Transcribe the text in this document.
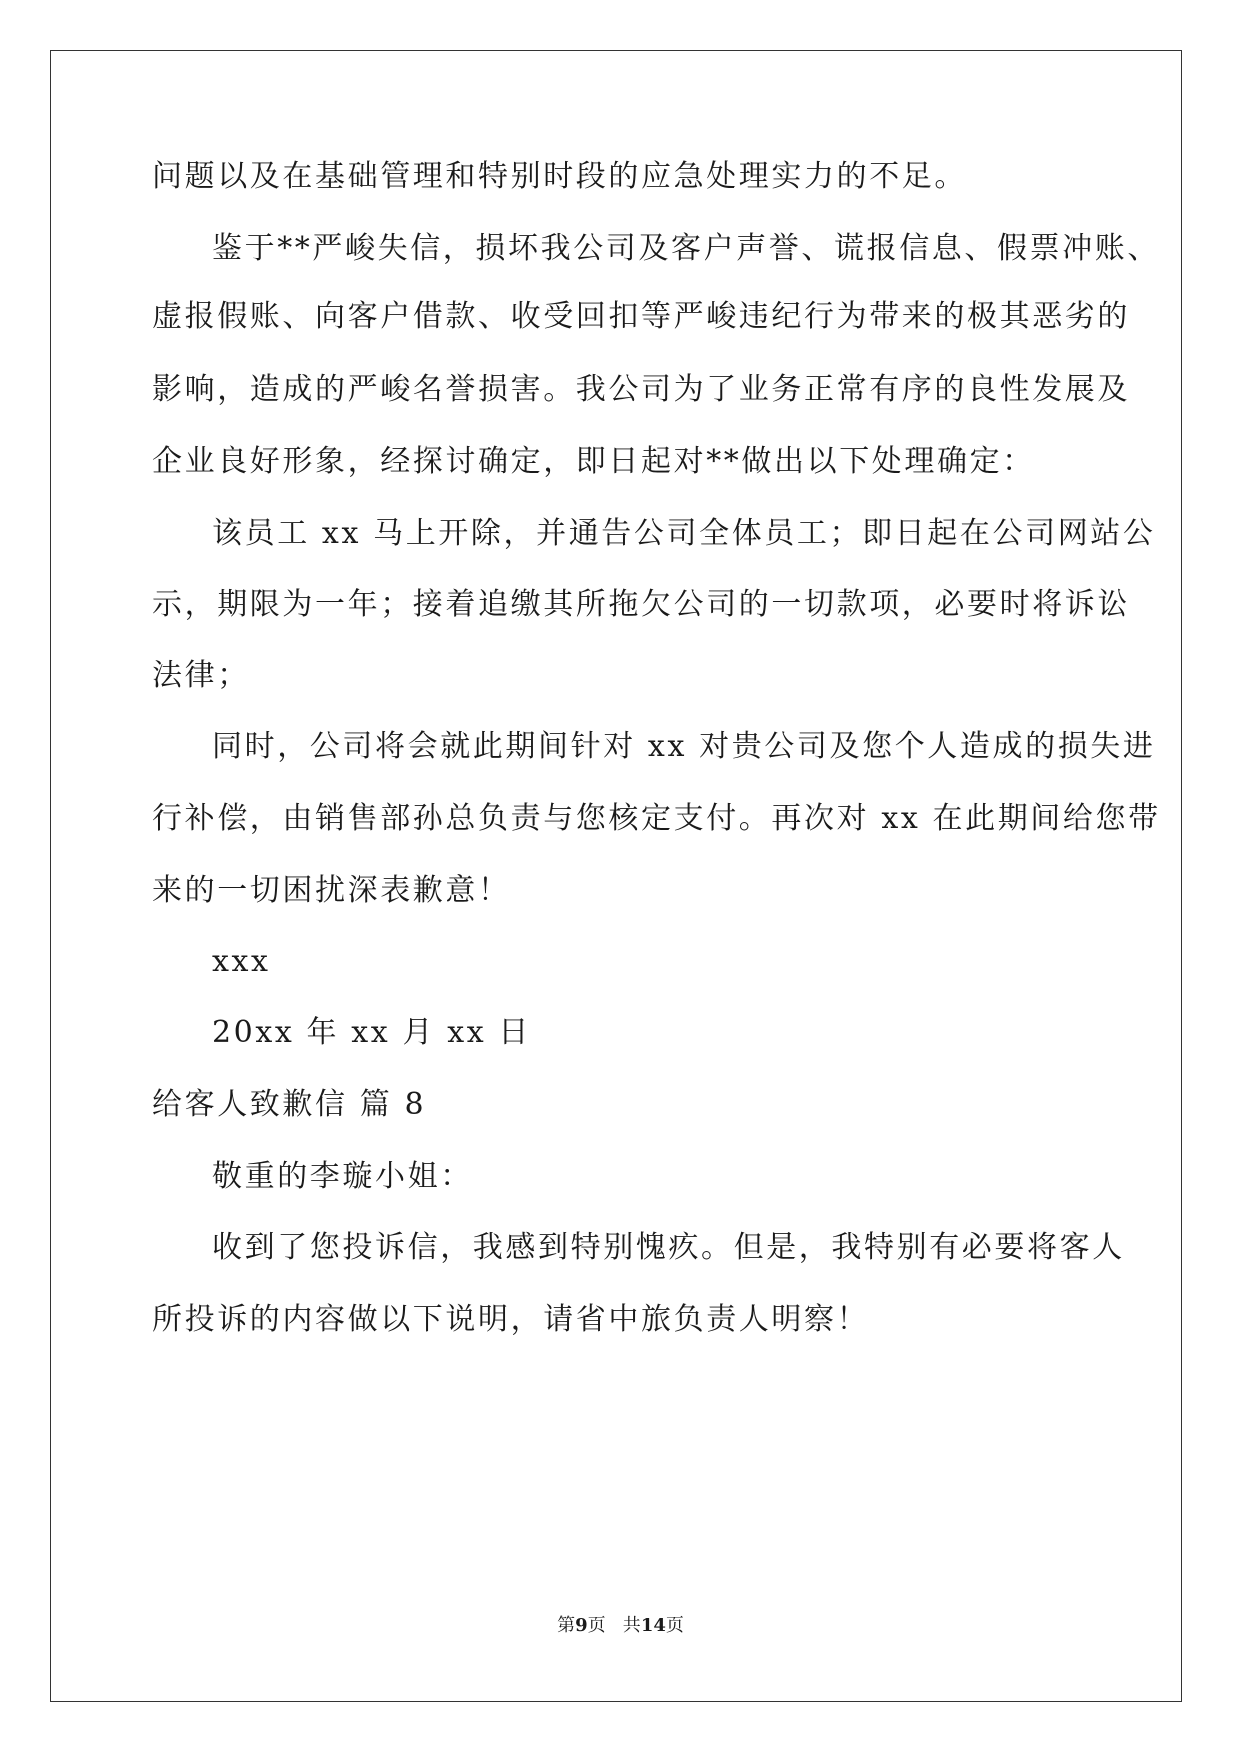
问题以及在基础管理和特别时段的应急处理实力的不足。
鉴于**严峻失信，损坏我公司及客户声誉、谎报信息、假票冲账、
虚报假账、向客户借款、收受回扣等严峻违纪行为带来的极其恶劣的
影响，造成的严峻名誉损害。我公司为了业务正常有序的良性发展及
企业良好形象，经探讨确定，即日起对**做出以下处理确定：
该员工 xx 马上开除，并通告公司全体员工；即日起在公司网站公
示，期限为一年；接着追缴其所拖欠公司的一切款项，必要时将诉讼
法律；
同时，公司将会就此期间针对 xx 对贵公司及您个人造成的损失进
行补偿，由销售部孙总负责与您核定支付。再次对 xx 在此期间给您带
来的一切困扰深表歉意！
xxx
20xx 年 xx 月 xx 日
给客人致歉信 篇 8
敬重的李璇小姐：
收到了您投诉信，我感到特别愧疚。但是，我特别有必要将客人
所投诉的内容做以下说明，请省中旅负责人明察！
第9页   共14页
